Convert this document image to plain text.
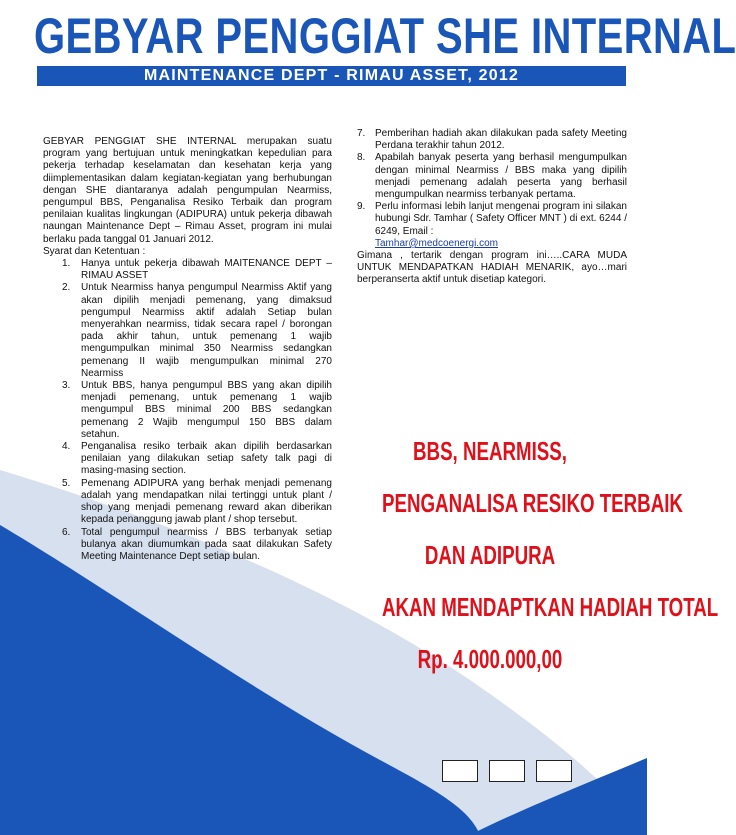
GEBYAR PENGGIAT SHE INTERNAL
MAINTENANCE DEPT - RIMAU ASSET, 2012

GEBYAR PENGGIAT SHE INTERNAL merupakan suatu program yang bertujuan untuk meningkatkan kepedulian para pekerja terhadap keselamatan dan kesehatan kerja yang diimplementasikan dalam kegiatan-kegiatan yang berhubungan dengan SHE diantaranya adalah pengumpulan Nearmiss, pengumpul BBS, Penganalisa Resiko Terbaik dan program penilaian kualitas lingkungan (ADIPURA) untuk pekerja dibawah naungan Maintenance Dept – Rimau Asset, program ini mulai berlaku pada tanggal 01 Januari 2012.

Syarat dan Ketentuan :

1. Hanya untuk pekerja dibawah MAITENANCE DEPT – RIMAU ASSET
2. Untuk Nearmiss hanya pengumpul Nearmiss Aktif yang akan dipilih menjadi pemenang, yang dimaksud pengumpul Nearmiss aktif adalah Setiap bulan menyerahkan nearmiss, tidak secara rapel / borongan pada akhir tahun, untuk pemenang 1 wajib mengumpulkan minimal 350 Nearmiss sedangkan pemenang II wajib mengumpulkan minimal 270 Nearmiss
3. Untuk BBS, hanya pengumpul BBS yang akan dipilih menjadi pemenang, untuk pemenang 1 wajib mengumpul BBS minimal 200 BBS sedangkan pemenang 2 Wajib mengumpul 150 BBS dalam setahun.
4. Penganalisa resiko terbaik akan dipilih berdasarkan penilaian yang dilakukan setiap safety talk pagi di masing-masing section.
5. Pemenang ADIPURA yang berhak menjadi pemenang adalah yang mendapatkan nilai tertinggi untuk plant / shop yang menjadi pemenang reward akan diberikan kepada penanggung jawab plant / shop tersebut.
6. Total pengumpul nearmiss / BBS terbanyak setiap bulanya akan diumumkan pada saat dilakukan Safety Meeting Maintenance Dept setiap bulan.
7. Pemberihan hadiah akan dilakukan pada safety Meeting Perdana terakhir tahun 2012.
8. Apabilah banyak peserta yang berhasil mengumpulkan dengan minimal Nearmiss / BBS maka yang dipilih menjadi pemenang adalah peserta yang berhasil mengumpulkan nearmiss terbanyak pertama.
9. Perlu informasi lebih lanjut mengenai program ini silakan hubungi Sdr. Tamhar ( Safety Officer MNT ) di ext. 6244 / 6249, Email :
Tamhar@medcoenergi.com

Gimana , tertarik dengan program ini…..CARA MUDA UNTUK MENDAPATKAN HADIAH MENARIK, ayo…mari berperanserta aktif untuk disetiap kategori.

BBS, NEARMISS,
PENGANALISA RESIKO TERBAIK
DAN ADIPURA
AKAN MENDAPTKAN HADIAH TOTAL
Rp. 4.000.000,00
